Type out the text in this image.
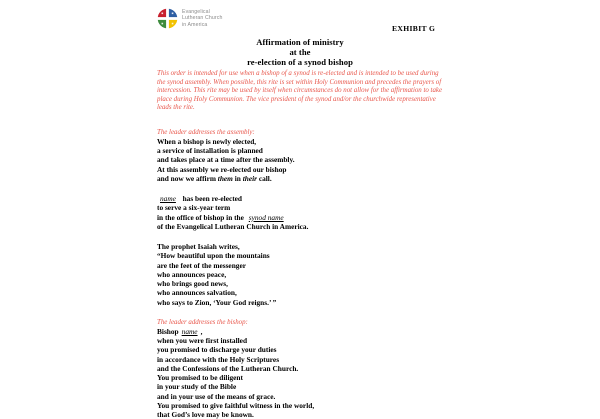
Evangelical
Lutheran Church
in America	EXHIBIT G
Affirmation of ministry
at the
re-election of a synod bishop
This order is intended for use when a bishop of a synod is re-elected and is intended to be used during the synod assembly. When possible, this rite is set within Holy Communion and precedes the prayers of intercession. This rite may be used by itself when circumstances do not allow for the affirmation to take place during Holy Communion. The vice president of the synod and/or the churchwide representative leads the rite.
The leader addresses the assembly:
When a bishop is newly elected,
a service of installation is planned
and takes place at a time after the assembly.
At this assembly we re-elected our bishop
and now we affirm them in their call.
name has been re-elected
to serve a six-year term
in the office of bishop in the synod name
of the Evangelical Lutheran Church in America.
The prophet Isaiah writes,
“How beautiful upon the mountains
are the feet of the messenger
who announces peace,
who brings good news,
who announces salvation,
who says to Zion, ‘Your God reigns.’ ”
The leader addresses the bishop:
Bishop name ,
when you were first installed
you promised to discharge your duties
in accordance with the Holy Scriptures
and the Confessions of the Lutheran Church.
You promised to be diligent
in your study of the Bible
and in your use of the means of grace.
You promised to give faithful witness in the world,
that God’s love may be known.
